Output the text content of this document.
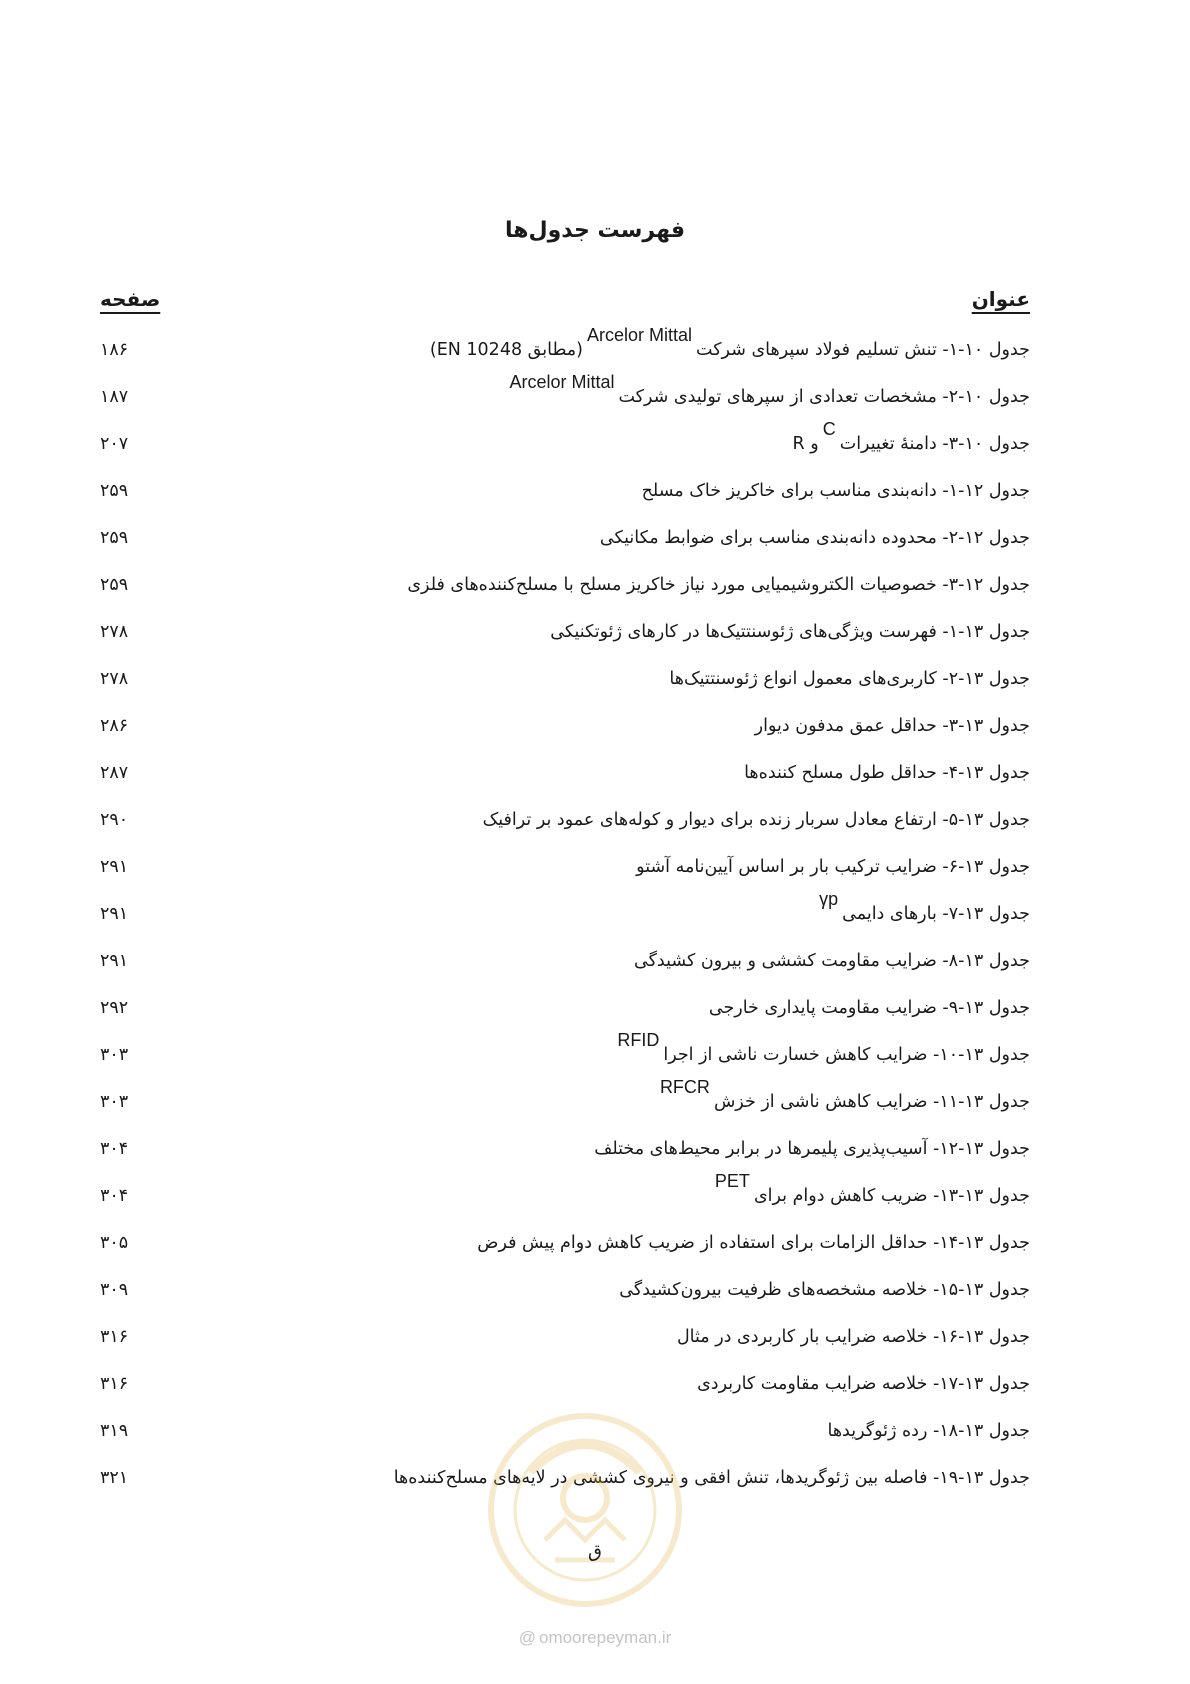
فهرست جدول‌ها
عنوان
صفحه
جدول ۱۰-۱- تنش تسلیم فولاد سپرهای شرکتArcelor Mittal(مطابق EN 10248)
۱۸۶
جدول ۱۰-۲- مشخصات تعدادی از سپرهای تولیدی شرکتArcelor Mittal
۱۸۷
جدول ۱۰-۳- دامنهٔ تغییراتCو R
۲۰۷
جدول ۱۲-۱- دانه‌بندی مناسب برای خاکریز خاک مسلح
۲۵۹
جدول ۱۲-۲- محدوده دانه‌بندی مناسب برای ضوابط مکانیکی
۲۵۹
جدول ۱۲-۳- خصوصیات الکتروشیمیایی مورد نیاز خاکریز مسلح با مسلح‌کننده‌های فلزی
۲۵۹
جدول ۱۳-۱- فهرست ویژگی‌های ژئوسنتتیک‌ها در کارهای ژئوتکنیکی
۲۷۸
جدول ۱۳-۲- کاربری‌های معمول انواع ژئوسنتتیک‌ها
۲۷۸
جدول ۱۳-۳- حداقل عمق مدفون دیوار
۲۸۶
جدول ۱۳-۴- حداقل طول مسلح کننده‌ها
۲۸۷
جدول ۱۳-۵- ارتفاع معادل سربار زنده برای دیوار و کوله‌های عمود بر ترافیک
۲۹۰
جدول ۱۳-۶- ضرایب ترکیب بار بر اساس آیین‌نامه آشتو
۲۹۱
جدول ۱۳-۷- بارهای دایمیγp
۲۹۱
جدول ۱۳-۸- ضرایب مقاومت کششی و بیرون کشیدگی
۲۹۱
جدول ۱۳-۹- ضرایب مقاومت پایداری خارجی
۲۹۲
جدول ۱۳-۱۰- ضرایب کاهش خسارت ناشی از اجراRFID
۳۰۳
جدول ۱۳-۱۱- ضرایب کاهش ناشی از خزشRFCR
۳۰۳
جدول ۱۳-۱۲- آسیب‌پذیری پلیمرها در برابر محیط‌های مختلف
۳۰۴
جدول ۱۳-۱۳- ضریب کاهش دوام برایPET
۳۰۴
جدول ۱۳-۱۴- حداقل الزامات برای استفاده از ضریب کاهش دوام پیش فرض
۳۰۵
جدول ۱۳-۱۵- خلاصه مشخصه‌های ظرفیت بیرون‌کشیدگی
۳۰۹
جدول ۱۳-۱۶- خلاصه ضرایب بار کاربردی در مثال
۳۱۶
جدول ۱۳-۱۷- خلاصه ضرایب مقاومت کاربردی
۳۱۶
جدول ۱۳-۱۸- رده ژئوگریدها
۳۱۹
جدول ۱۳-۱۹- فاصله بین ژئوگریدها، تنش افقی و نیروی کششی در لایه‌های مسلح‌کننده‌ها
۳۲۱
ق
@ omoorepeyman.ir
